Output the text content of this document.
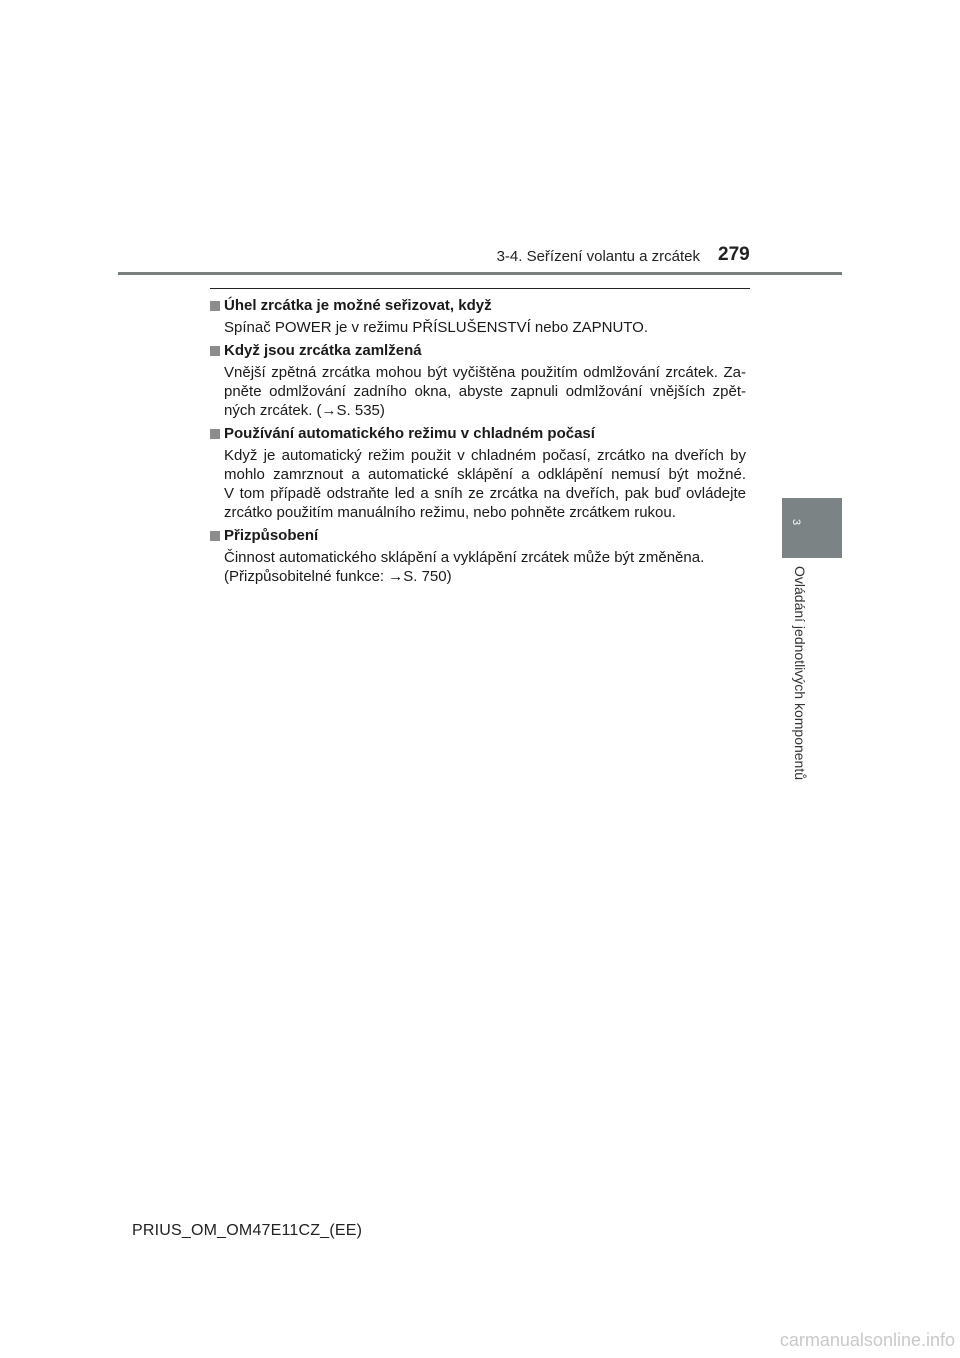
3-4. Seřízení volantu a zrcátek 279
Úhel zrcátka je možné seřizovat, když
Spínač POWER je v režimu PŘÍSLUŠENSTVÍ nebo ZAPNUTO.
Když jsou zrcátka zamlžená
Vnější zpětná zrcátka mohou být vyčištěna použitím odmlžování zrcátek. Za-
pněte odmlžování zadního okna, abyste zapnuli odmlžování vnějších zpět-
ných zrcátek. (→S. 535)
Používání automatického režimu v chladném počasí
Když je automatický režim použit v chladném počasí, zrcátko na dveřích by
mohlo zamrznout a automatické sklápění a odklápění nemusí být možné.
V tom případě odstraňte led a sníh ze zrcátka na dveřích, pak buď ovládejte
zrcátko použitím manuálního režimu, nebo pohněte zrcátkem rukou.
Přizpůsobení
Činnost automatického sklápění a vyklápění zrcátek může být změněna.
(Přizpůsobitelné funkce: →S. 750)
3
Ovládání jednotlivých komponentů
PRIUS_OM_OM47E11CZ_(EE)
carmanualsonline.info
